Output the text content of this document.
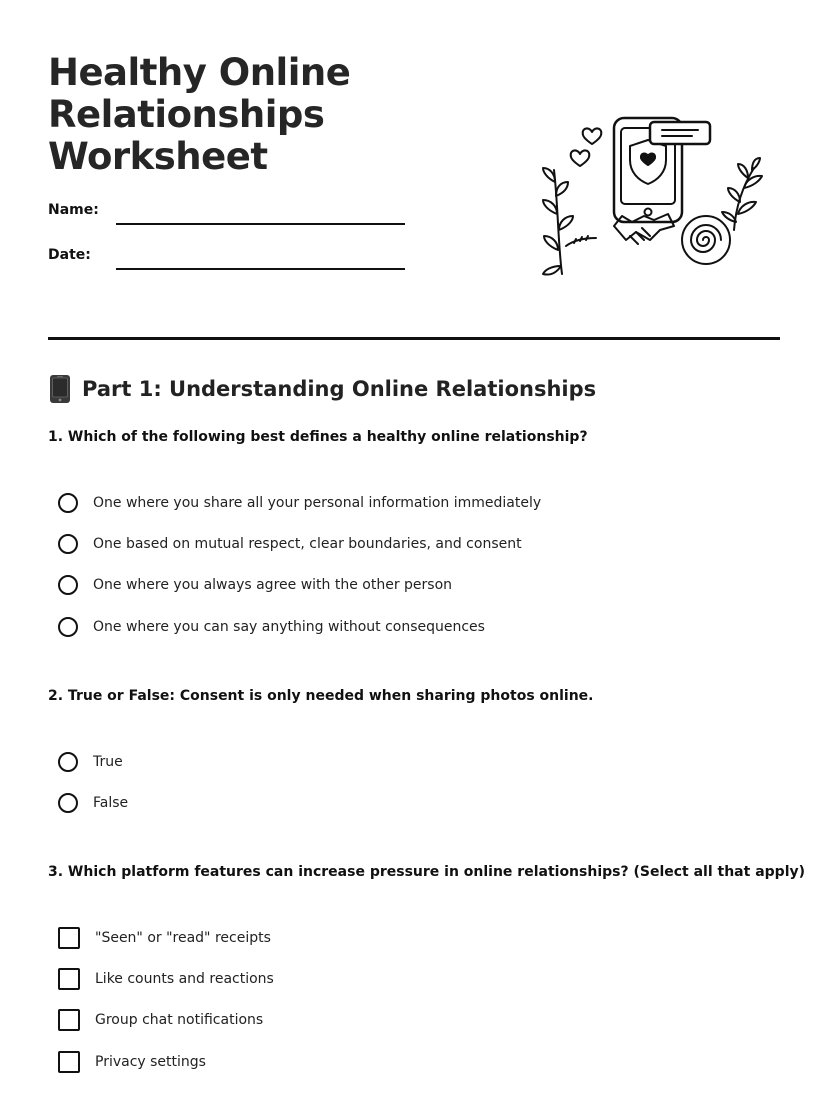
Healthy Online
Relationships
Worksheet
Name:
Date:
Part 1: Understanding Online Relationships
1. Which of the following best defines a healthy online relationship?
One where you share all your personal information immediately
One based on mutual respect, clear boundaries, and consent
One where you always agree with the other person
One where you can say anything without consequences
2. True or False: Consent is only needed when sharing photos online.
True
False
3. Which platform features can increase pressure in online relationships? (Select all that apply)
"Seen" or "read" receipts
Like counts and reactions
Group chat notifications
Privacy settings
